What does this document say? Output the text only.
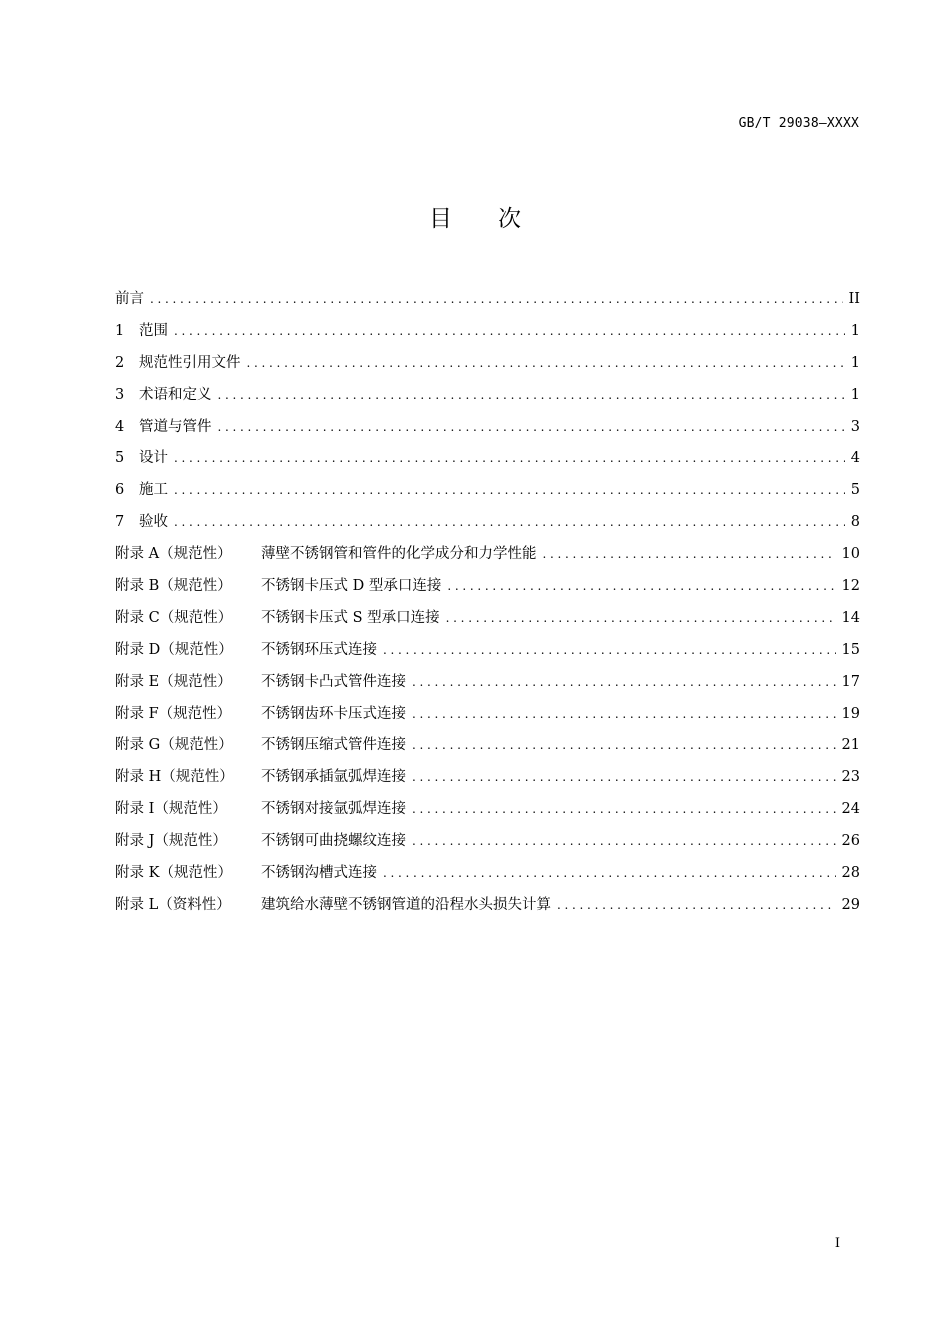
GB/T 29038—XXXX
目次
前言 .....	II
1	范围 .....	1
2	规范性引用文件 .....	1
3	术语和定义 .....	1
4	管道与管件 .....	3
5	设计 .....	4
6	施工 .....	5
7	验收 .....	8
附录 A（规范性）	薄壁不锈钢管和管件的化学成分和力学性能 .....	10
附录 B（规范性）	不锈钢卡压式 D 型承口连接 .....	12
附录 C（规范性）	不锈钢卡压式 S 型承口连接 .....	14
附录 D（规范性）	不锈钢环压式连接 .....	15
附录 E（规范性）	不锈钢卡凸式管件连接 .....	17
附录 F（规范性）	不锈钢齿环卡压式连接 .....	19
附录 G（规范性）	不锈钢压缩式管件连接 .....	21
附录 H（规范性）	不锈钢承插氩弧焊连接 .....	23
附录 I（规范性）	不锈钢对接氩弧焊连接 .....	24
附录 J（规范性）	不锈钢可曲挠螺纹连接 .....	26
附录 K（规范性）	不锈钢沟槽式连接 .....	28
附录 L（资料性）	建筑给水薄壁不锈钢管道的沿程水头损失计算 .....	29
I
